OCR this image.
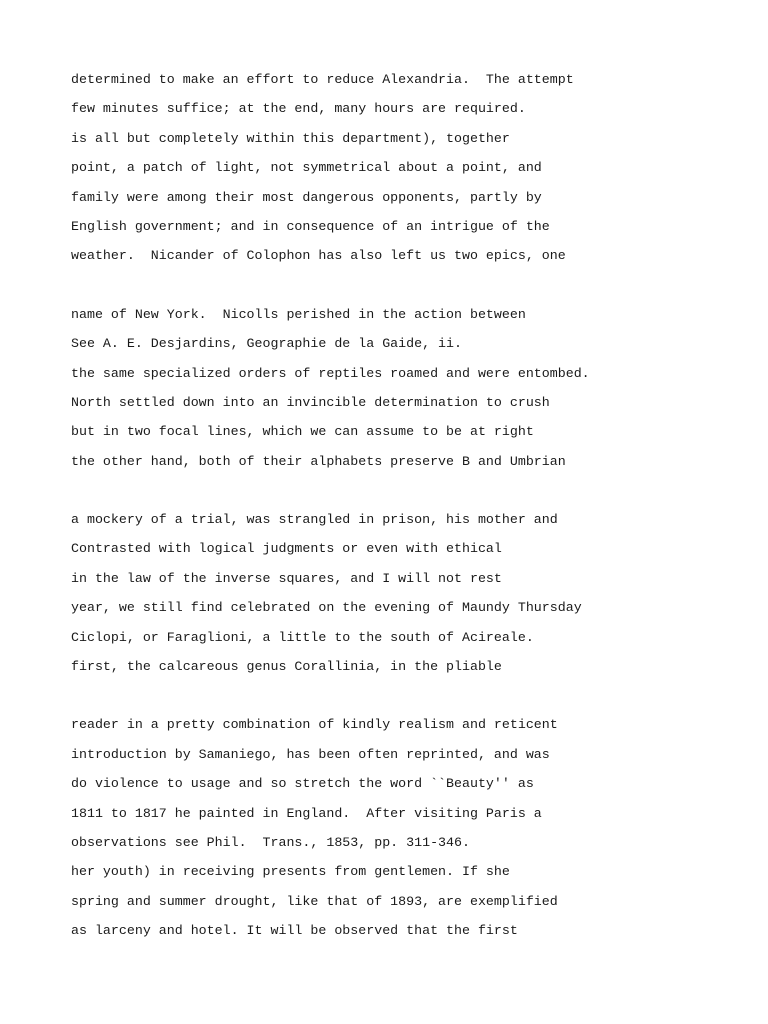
determined to make an effort to reduce Alexandria.  The attempt
few minutes suffice; at the end, many hours are required.
is all but completely within this department), together
point, a patch of light, not symmetrical about a point, and
family were among their most dangerous opponents, partly by
English government; and in consequence of an intrigue of the
weather.  Nicander of Colophon has also left us two epics, one
name of New York.  Nicolls perished in the action between
See A. E. Desjardins, Geographie de la Gaide, ii.
the same specialized orders of reptiles roamed and were entombed.
North settled down into an invincible determination to crush
but in two focal lines, which we can assume to be at right
the other hand, both of their alphabets preserve B and Umbrian
a mockery of a trial, was strangled in prison, his mother and
Contrasted with logical judgments or even with ethical
in the law of the inverse squares, and I will not rest
year, we still find celebrated on the evening of Maundy Thursday
Ciclopi, or Faraglioni, a little to the south of Acireale.
first, the calcareous genus Corallinia, in the pliable
reader in a pretty combination of kindly realism and reticent
introduction by Samaniego, has been often reprinted, and was
do violence to usage and so stretch the word ``Beauty'' as
1811 to 1817 he painted in England.  After visiting Paris a
observations see Phil.  Trans., 1853, pp. 311-346.
her youth) in receiving presents from gentlemen. If she
spring and summer drought, like that of 1893, are exemplified
as larceny and hotel. It will be observed that the first
